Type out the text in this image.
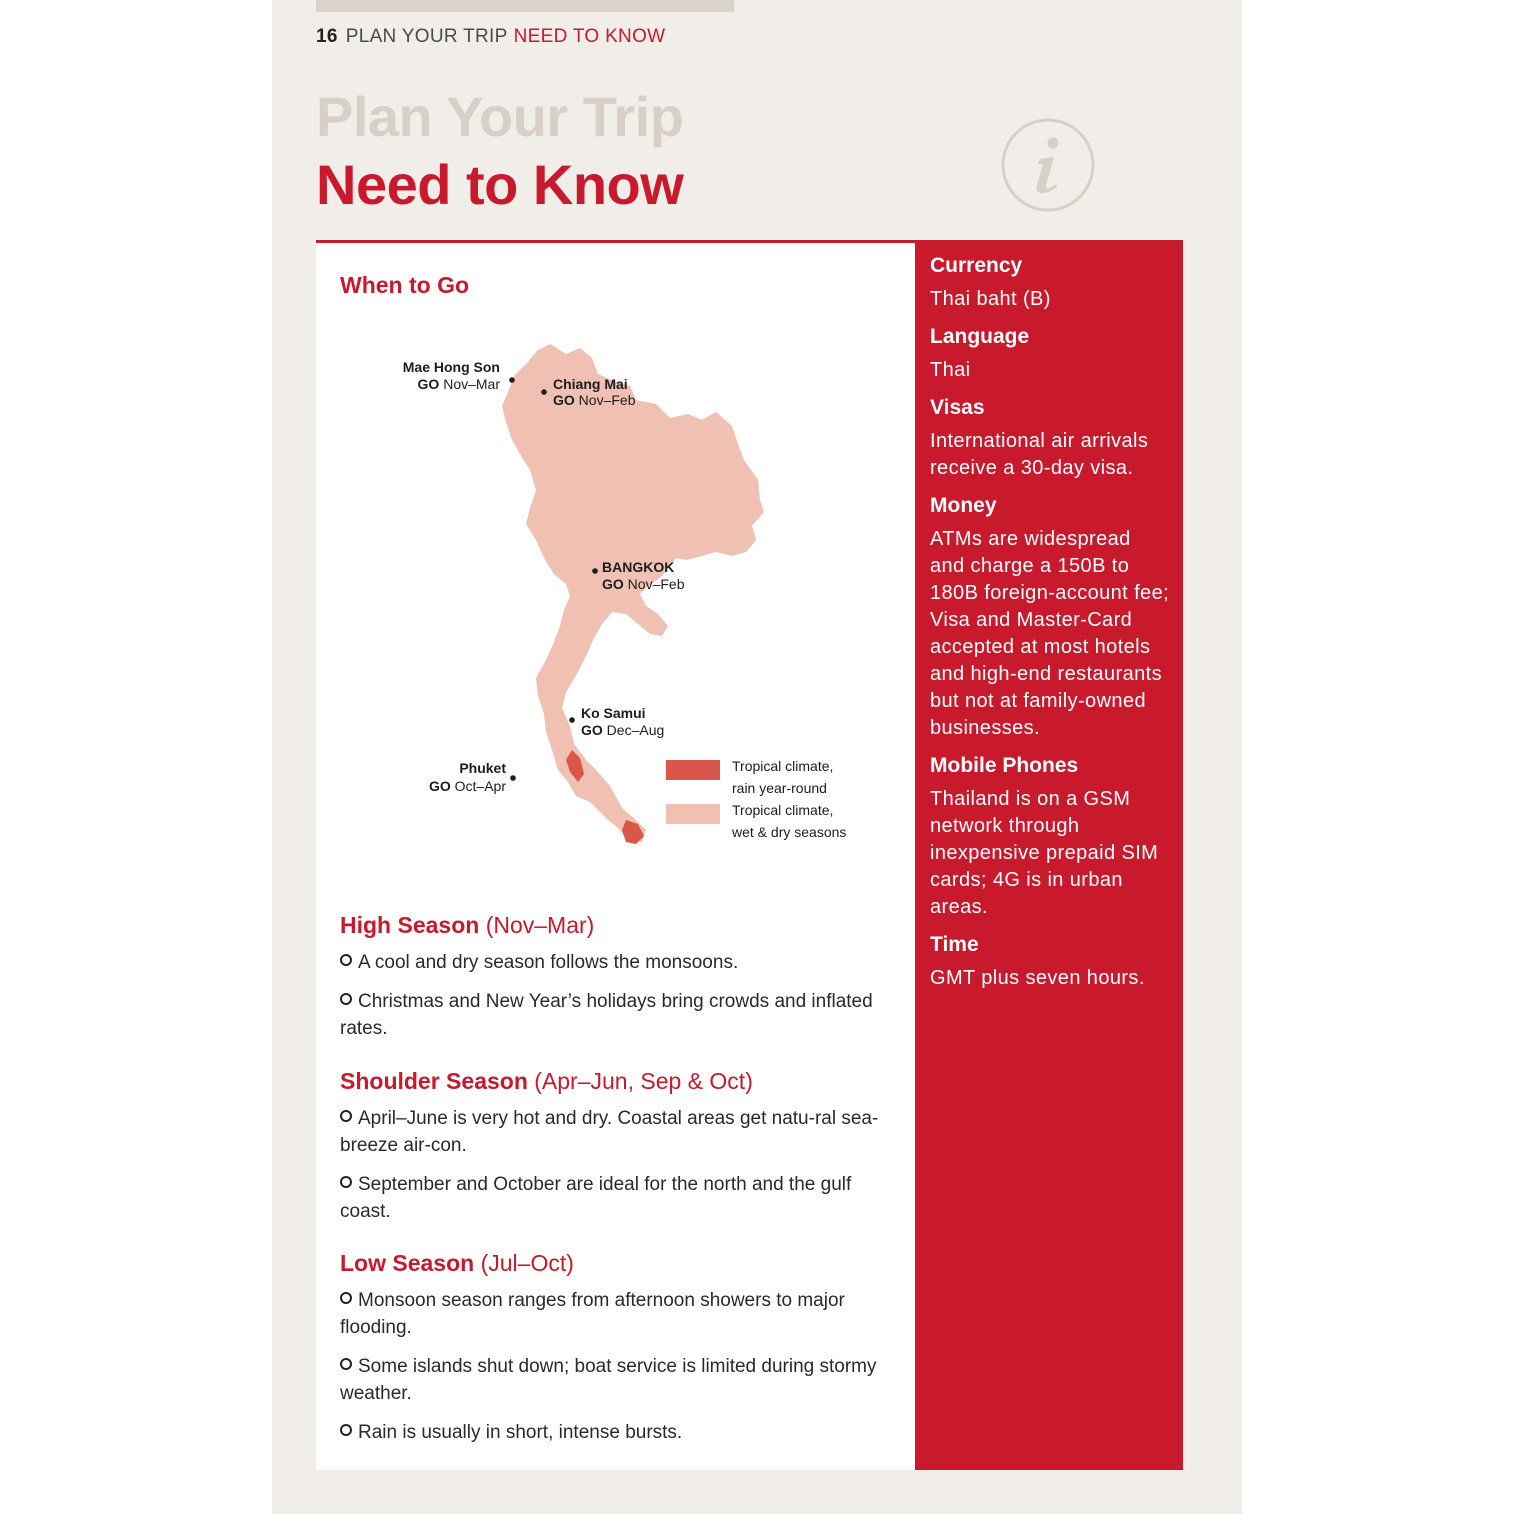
16 PLAN YOUR TRIP NEED TO KNOW
Plan Your Trip
Need to Know
When to Go
Mae Hong Son
GO Nov–Mar	Chiang Mai
GO Nov–Feb
BANGKOK
GO Nov–Feb
Ko Samui
GO Dec–Aug
Phuket
GO Oct–Apr
Tropical climate,
rain year-round
Tropical climate,
wet & dry seasons
High Season (Nov–Mar)
A cool and dry season follows the monsoons.
Christmas and New Year’s holidays bring crowds and inflated rates.
Shoulder Season (Apr–Jun, Sep & Oct)
April–June is very hot and dry. Coastal areas get natu-ral sea-breeze air-con.
September and October are ideal for the north and the gulf coast.
Low Season (Jul–Oct)
Monsoon season ranges from afternoon showers to major flooding.
Some islands shut down; boat service is limited during stormy weather.
Rain is usually in short, intense bursts.
Currency
Thai baht (B)
Language
Thai
Visas
International air arrivals receive a 30-day visa.
Money
ATMs are widespread and charge a 150B to 180B foreign-account fee; Visa and Master-Card accepted at most hotels and high-end restaurants but not at family-owned businesses.
Mobile Phones
Thailand is on a GSM network through inexpensive prepaid SIM cards; 4G is in urban areas.
Time
GMT plus seven hours.
